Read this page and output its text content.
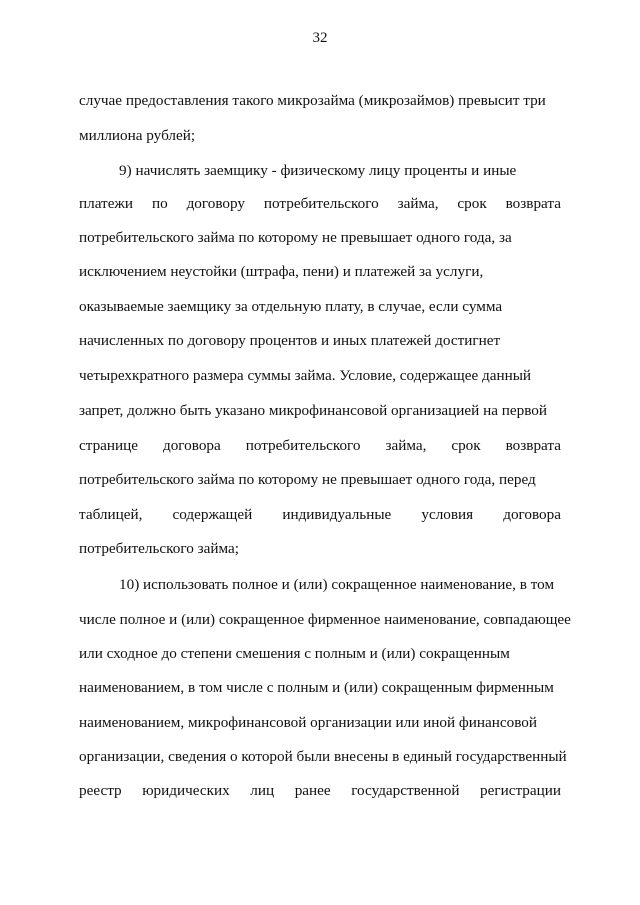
32
случае предоставления такого микрозайма (микрозаймов) превысит три
миллиона рублей;
9) начислять заемщику - физическому лицу проценты и иные
платежи по договору потребительского займа, срок возврата
потребительского займа по которому не превышает одного года, за
исключением неустойки (штрафа, пени) и платежей за услуги,
оказываемые заемщику за отдельную плату, в случае, если сумма
начисленных по договору процентов и иных платежей достигнет
четырехкратного размера суммы займа. Условие, содержащее данный
запрет, должно быть указано микрофинансовой организацией на первой
странице договора потребительского займа, срок возврата
потребительского займа по которому не превышает одного года, перед
таблицей, содержащей индивидуальные условия договора
потребительского займа;
10) использовать полное и (или) сокращенное наименование, в том
числе полное и (или) сокращенное фирменное наименование, совпадающее
или сходное до степени смешения с полным и (или) сокращенным
наименованием, в том числе с полным и (или) сокращенным фирменным
наименованием, микрофинансовой организации или иной финансовой
организации, сведения о которой были внесены в единый государственный
реестр юридических лиц ранее государственной регистрации
